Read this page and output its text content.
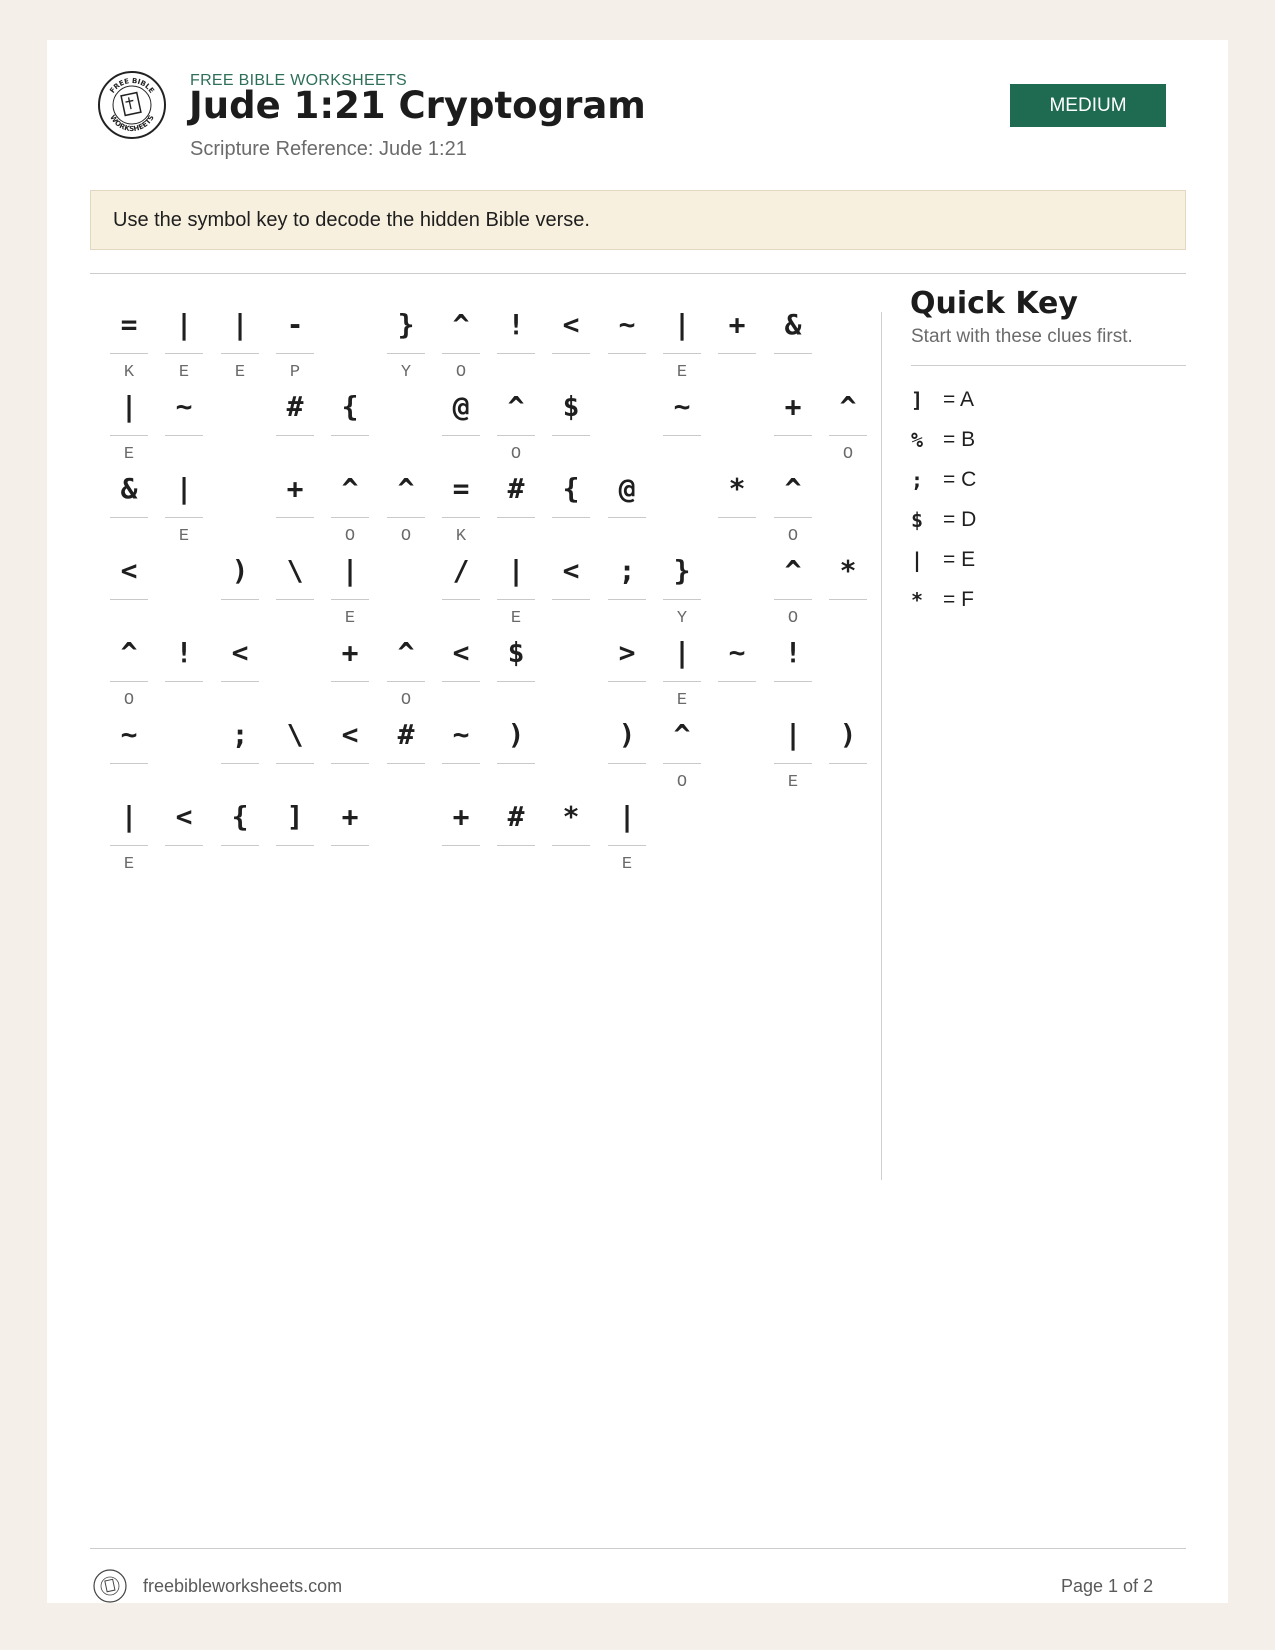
FREE BIBLE
WORKSHEETS
FREE BIBLE WORKSHEETS
Jude 1:21 Cryptogram
Scripture Reference: Jude 1:21
MEDIUM
Use the symbol key to decode the hidden Bible verse.
=
K
|
E
|
E
-
P
}
Y
^
O
!	<	~	|
E
+	&
|
E
~	#	{	@	^
O
$	~	+	^
O
&	|
E
+	^
O
^
O
=
K
#	{	@	*	^
O
<	)	\	|
E
/	|
E
<	;	}
Y
^
O
*
^
O
!	<	+	^
O
<	$	>	|
E
~	!
~	;	\	<	#	~	)	)	^
O
|
E
)
|
E
<	{	]	+	+	#	*	|
E
Quick Key
Start with these clues first.
] = A
% = B
; = C
$ = D
| = E
* = F
freebibleworksheets.com	Page 1 of 2
